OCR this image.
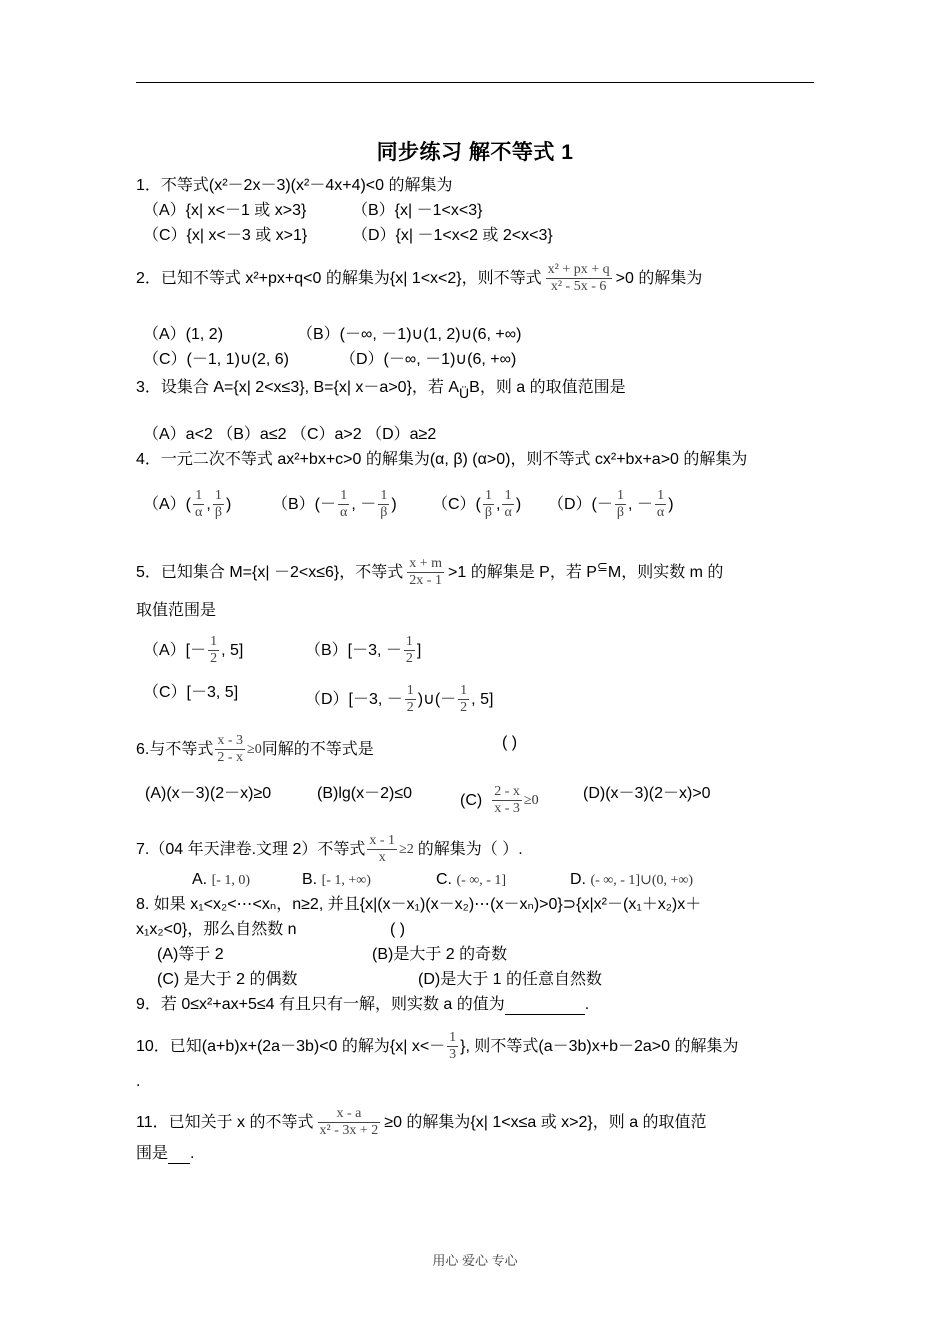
同步练习 解不等式 1
1．不等式(x²－2x－3)(x²－4x+4)<0 的解集为
（A）{x| x<－1 或 x>3}	（B）{x| －1<x<3}
（C）{x| x<－3 或 x>1}	（D）{x| －1<x<2 或 2<x<3}
2．已知不等式 x²+px+q<0 的解集为{x| 1<x<2}，则不等式 $\frac{\text{x² + px + q}}{\text{x² - 5x - 6}} >0$ 的解集为
（A）(1, 2)	（B）(－∞, －1)∪(1, 2)∪(6, +∞)
（C）(－1, 1)∪(2, 6)	（D）(－∞, －1)∪(6, +∞)
3．设集合 A={x| 2<x≤3}, B={x| x－a>0}，若 AÜB，则 a 的取值范围是
（A）a<2 （B）a≤2 （C）a>2 （D）a≥2
4．一元二次不等式 ax²+bx+c>0 的解集为(α, β) (α>0)，则不等式 cx²+bx+a>0 的解集为
$(A)( \frac{1}{\alpha}$ , $\frac{1}{\beta}$ )	$(B)(- \frac{1}{\alpha}$ , － $\frac{1}{\beta}$ ) $(C)( \frac{1}{\beta}$ , $\frac{1}{\alpha}$ ) $(D)(- \frac{1}{\beta}$ , － $\frac{1}{\alpha}$ )
5．已知集合 M={x| －2<x≤6}，不等式 $\frac{x + m}{2x - 1} >1$ 的解集是 P，若 P ⊆ M，则实数 m 的
取值范围是
$(A)[- \frac{1}{2}$ , 5]	（B）[－3, － $\frac{1}{2}$ ]
（C）[－3, 5]	（D）[－3, － $\frac{1}{2}$ )∪(－ $\frac{1}{2}$ , 5]
6.与不等式 $\frac{x - 3}{2 - x} \ge 0$ 同解的不等式是	( )
(A)(x－3)(2－x)≥0	(B)lg(x－2)≤0	$(C) \frac{2 - x}{x - 3} \ge 0$	(D)(x－3)(2－x)>0
7.（04 年天津卷.文理 2）不等式 $\frac{x - 1}{x} \ge 2$ 的解集为（ ）.
A. [- 1, 0)	B. [- 1, +∞)	C. (- ∞, - 1]	D. (- ∞, - 1]∪(0, +∞)
8. 如果 x₁<x₂<⋯<xₙ，n≥2, 并且{x|(x－x₁)(x－x₂)⋯(x－xₙ)>0}⊃{x|x²－(x₁＋x₂)x＋
x₁x₂<0}，那么自然数 n	( )
(A)等于 2	(B)是大于 2 的奇数
(C) 是大于 2 的偶数	(D)是大于 1 的任意自然数
9．若 0≤x²+ax+5≤4 有且只有一解，则实数 a 的值为	.
10．已知(a+b)x+(2a－3b)<0 的解为{x| $x<- \frac{1}{3}$ }, 则不等式(a－3b)x+b－2a>0 的解集为
.
11．已知关于 x 的不等式 $\frac{x - a}{\text{x² - 3x + 2}} \ge 0$ 的解集为{x| 1<x≤a 或 x>2}，则 a 的取值范
围是 .
用心 爱心 专心
